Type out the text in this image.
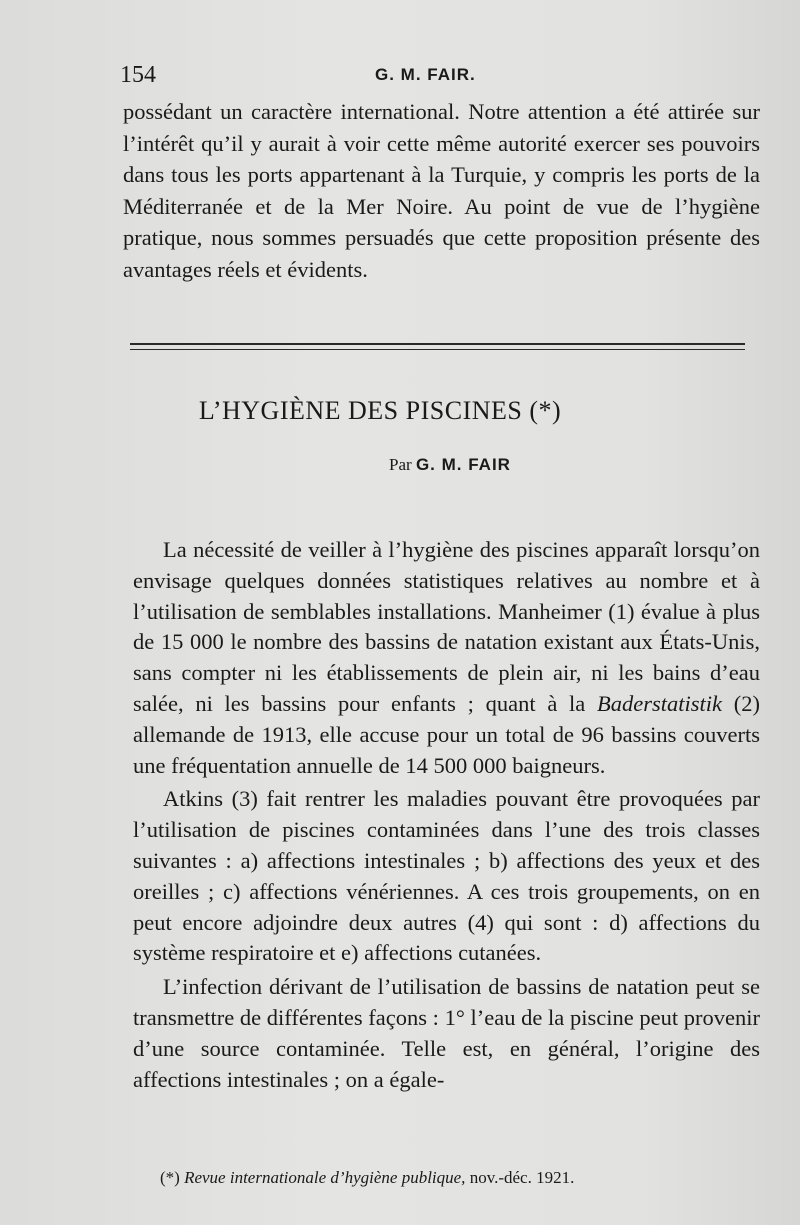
154	G. M. FAIR.
possédant un caractère international. Notre attention a été attirée sur l’intérêt qu’il y aurait à voir cette même autorité exercer ses pouvoirs dans tous les ports appartenant à la Turquie, y compris les ports de la Méditerranée et de la Mer Noire. Au point de vue de l’hygiène pratique, nous sommes persuadés que cette proposition présente des avantages réels et évidents.
L’HYGIÈNE DES PISCINES (*)
Par G. M. FAIR

La nécessité de veiller à l’hygiène des piscines apparaît lorsqu’on envisage quelques données statistiques relatives au nombre et à l’utilisation de semblables installations. Manheimer (1) évalue à plus de 15 000 le nombre des bassins de natation existant aux États-Unis, sans compter ni les établissements de plein air, ni les bains d’eau salée, ni les bassins pour enfants ; quant à la Baderstatistik (2) allemande de 1913, elle accuse pour un total de 96 bassins couverts une fréquentation annuelle de 14 500 000 baigneurs.

Atkins (3) fait rentrer les maladies pouvant être provoquées par l’utilisation de piscines contaminées dans l’une des trois classes suivantes : a) affections intestinales ; b) affections des yeux et des oreilles ; c) affections vénériennes. A ces trois groupements, on en peut encore adjoindre deux autres (4) qui sont : d) affections du système respiratoire et e) affections cutanées.

L’infection dérivant de l’utilisation de bassins de natation peut se transmettre de différentes façons : 1° l’eau de la piscine peut provenir d’une source contaminée. Telle est, en général, l’origine des affections intestinales ; on a égale-

(*) Revue internationale d’hygiène publique, nov.-déc. 1921.
